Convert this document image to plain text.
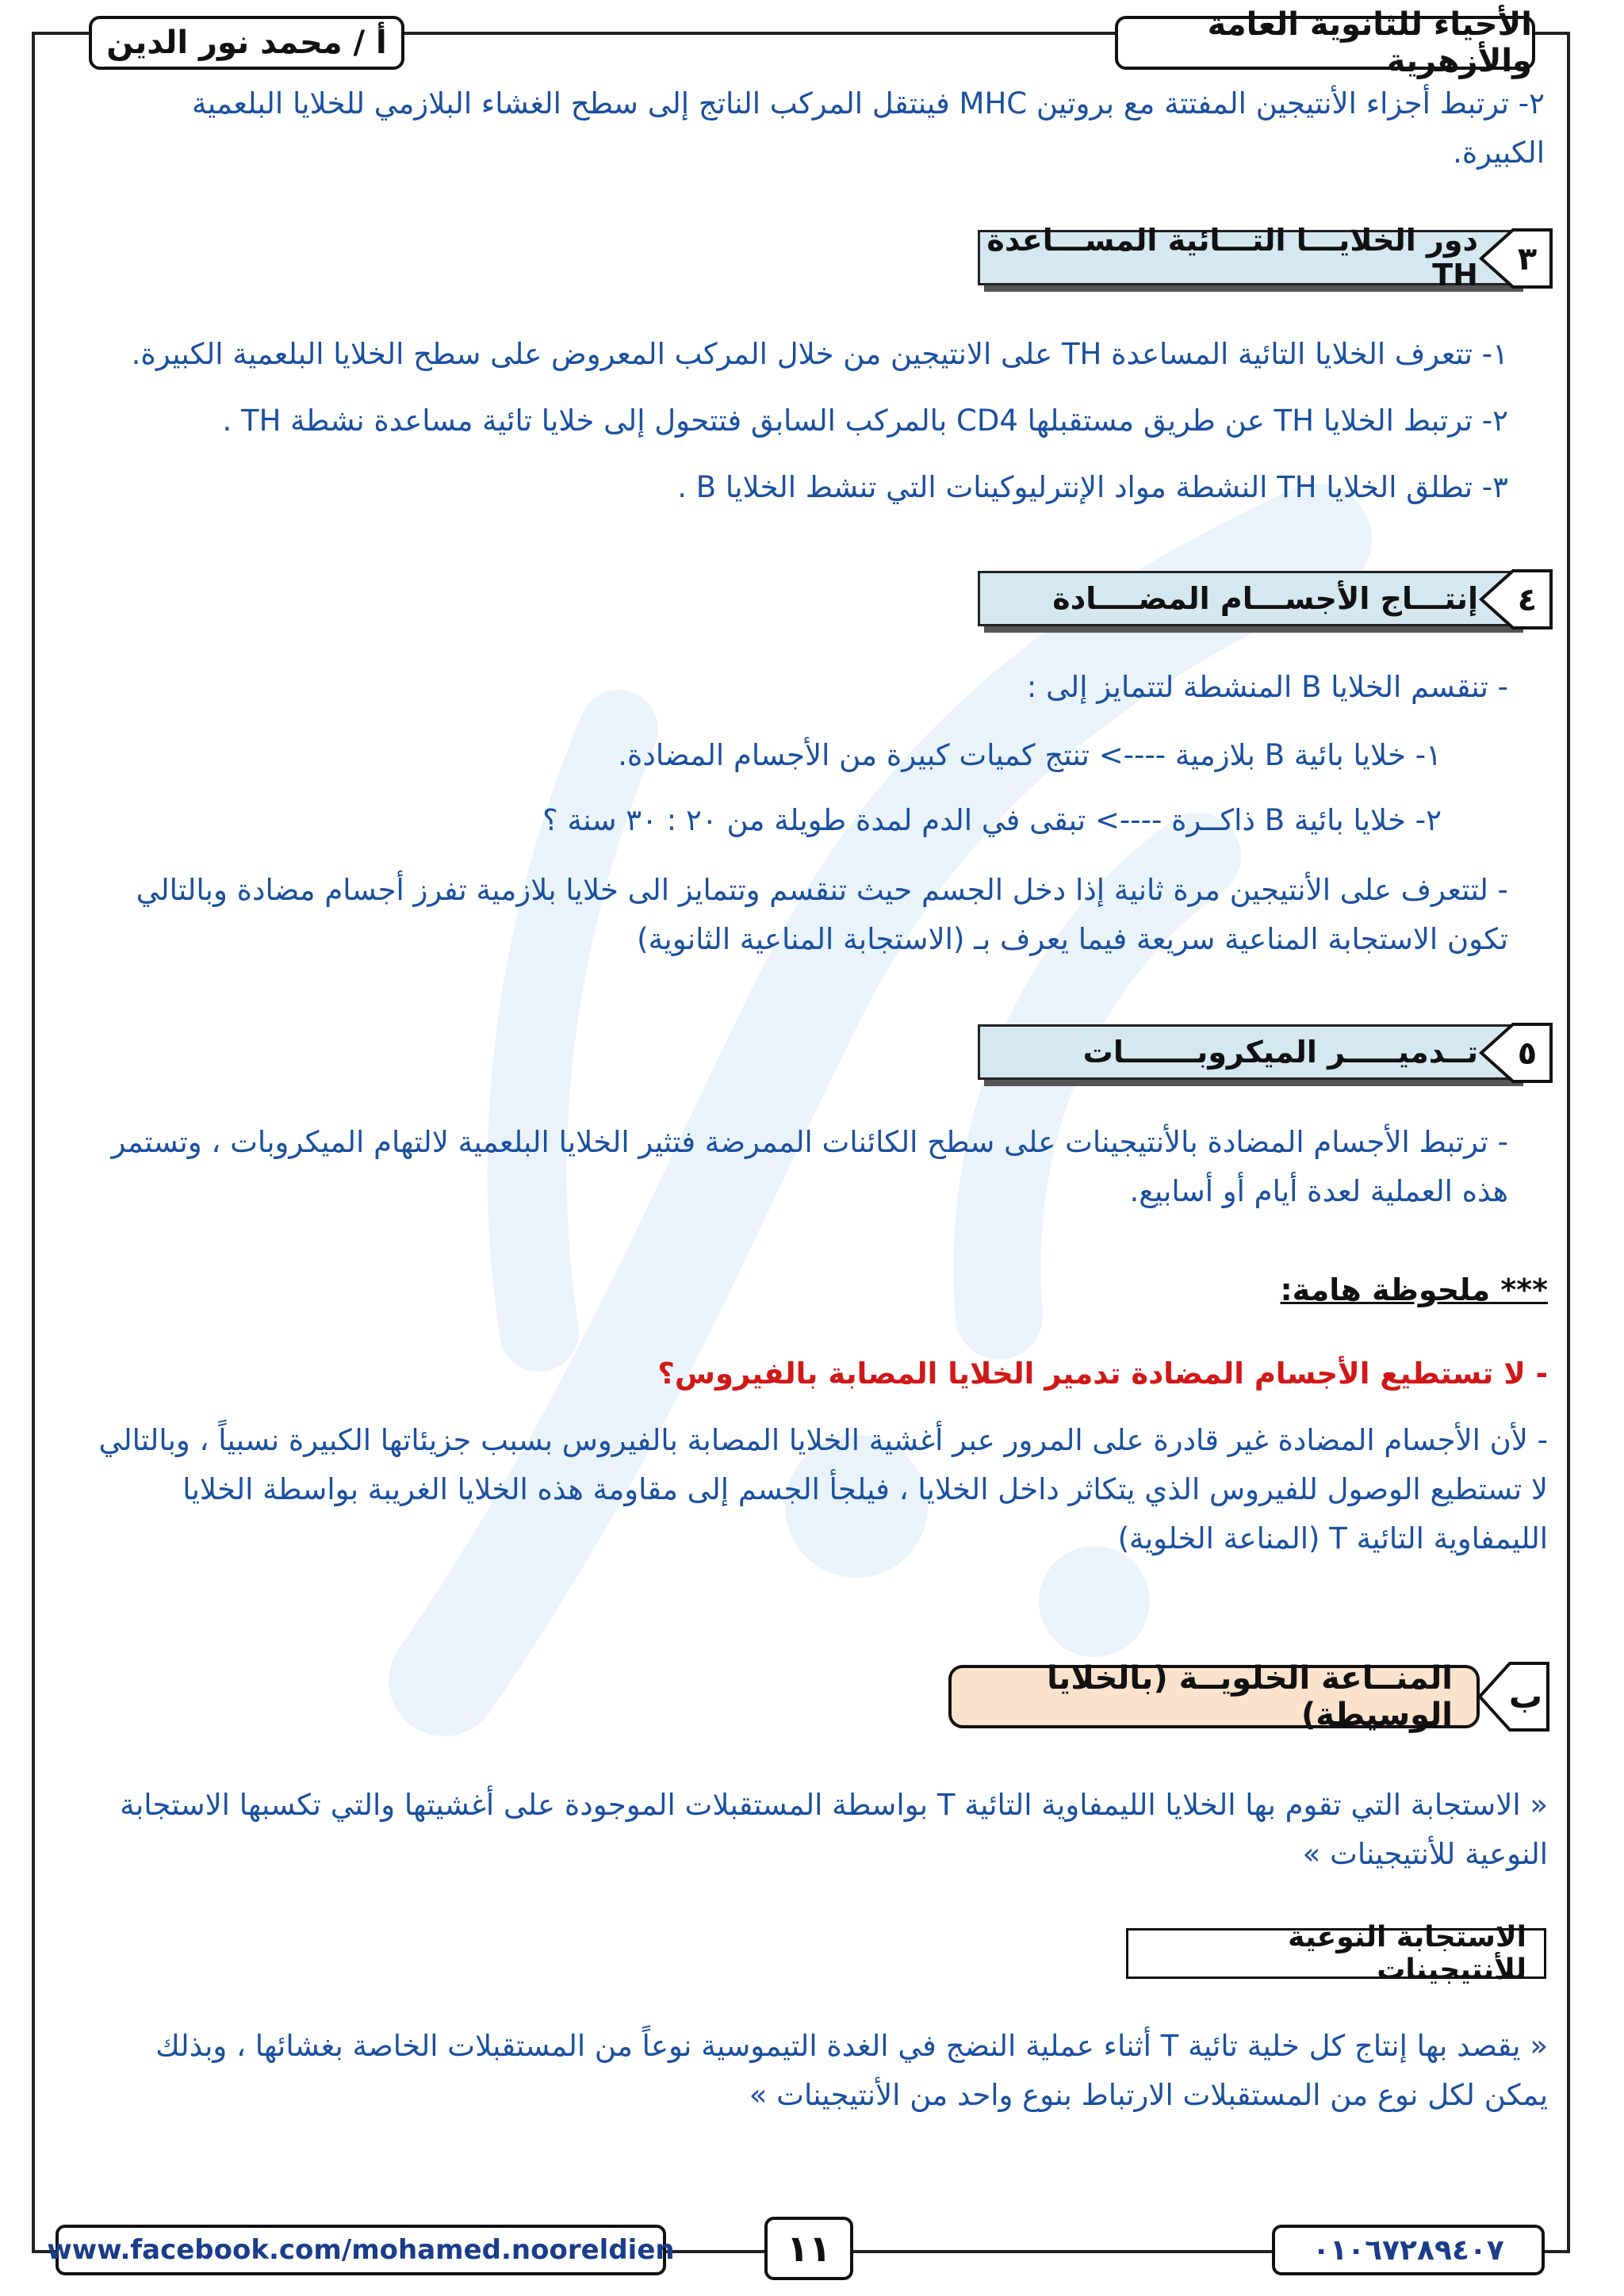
الأحياء للثانوية العامة والأزهرية
أ / محمد نور الدين
٢- ترتبط أجزاء الأنتيجين المفتتة مع بروتين MHC فينتقل المركب الناتج إلى سطح الغشاء البلازمي للخلايا البلعمية
الكبيرة.
دور الخلايـــا التـــائية المســـاعدة TH ٣
١- تتعرف الخلايا التائية المساعدة TH على الانتيجين من خلال المركب المعروض على سطح الخلايا البلعمية الكبيرة.
٢- ترتبط الخلايا TH عن طريق مستقبلها CD4 بالمركب السابق فتتحول إلى خلايا تائية مساعدة نشطة TH .
٣- تطلق الخلايا TH النشطة مواد الإنترليوكينات التي تنشط الخلايا B .
إنتـــاج الأجســـام المضــــادة ٤
- تنقسم الخلايا B المنشطة لتتمايز إلى :
١- خلايا بائية B بلازمية ----> تنتج كميات كبيرة من الأجسام المضادة.
٢- خلايا بائية B ذاكــرة ----> تبقى في الدم لمدة طويلة من ٢٠ : ٣٠ سنة ؟
- لتتعرف على الأنتيجين مرة ثانية إذا دخل الجسم حيث تنقسم وتتمايز الى خلايا بلازمية تفرز أجسام مضادة وبالتالي
تكون الاستجابة المناعية سريعة فيما يعرف بـ (الاستجابة المناعية الثانوية)
تــدميـــــر الميكروبـــــــات ٥
- ترتبط الأجسام المضادة بالأنتيجينات على سطح الكائنات الممرضة فتثير الخلايا البلعمية لالتهام الميكروبات ، وتستمر
هذه العملية لعدة أيام أو أسابيع.
*** ملحوظة هامة:
- لا تستطيع الأجسام المضادة تدمير الخلايا المصابة بالفيروس؟
- لأن الأجسام المضادة غير قادرة على المرور عبر أغشية الخلايا المصابة بالفيروس بسبب جزيئاتها الكبيرة نسبياً ، وبالتالي
لا تستطيع الوصول للفيروس الذي يتكاثر داخل الخلايا ، فيلجأ الجسم إلى مقاومة هذه الخلايا الغريبة بواسطة الخلايا
الليمفاوية التائية T (المناعة الخلوية)
المنــاعة الخلويــة (بالخلايا الوسيطة) ب
« الاستجابة التي تقوم بها الخلايا الليمفاوية التائية T بواسطة المستقبلات الموجودة على أغشيتها والتي تكسبها الاستجابة
النوعية للأنتيجينات »
الاستجابة النوعية للأنتيجينات
« يقصد بها إنتاج كل خلية تائية T أثناء عملية النضج في الغدة التيموسية نوعاً من المستقبلات الخاصة بغشائها ، وبذلك
يمكن لكل نوع من المستقبلات الارتباط بنوع واحد من الأنتيجينات »
www.facebook.com/mohamed.nooreldien	١١	٠١٠٦٧٢٨٩٤٠٧
